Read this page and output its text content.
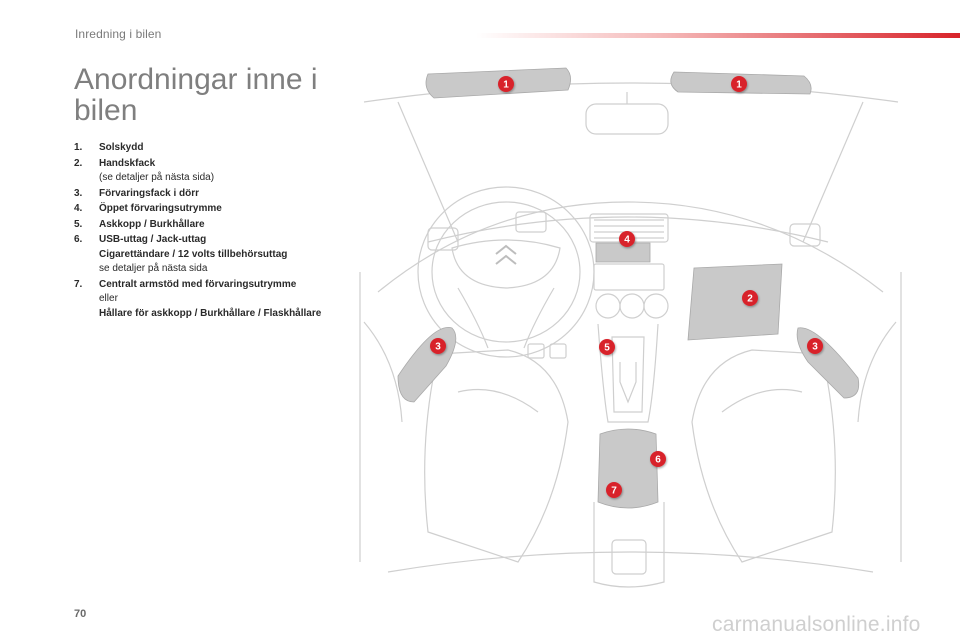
Inredning i bilen
Anordningar inne i bilen
1.	Solskydd
2.	Handskfack
(se detaljer på nästa sida)
3.	Förvaringsfack i dörr
4.	Öppet förvaringsutrymme
5.	Askkopp / Burkhållare
6.	USB-uttag / Jack-uttag
Cigarettändare / 12 volts tillbehörsuttag
se detaljer på nästa sida
7.	Centralt armstöd med förvaringsutrymme
eller
Hållare för askkopp / Burkhållare / Flaskhållare
1	1
2
3	3
4
5
6
7
70	carmanualsonline.info
